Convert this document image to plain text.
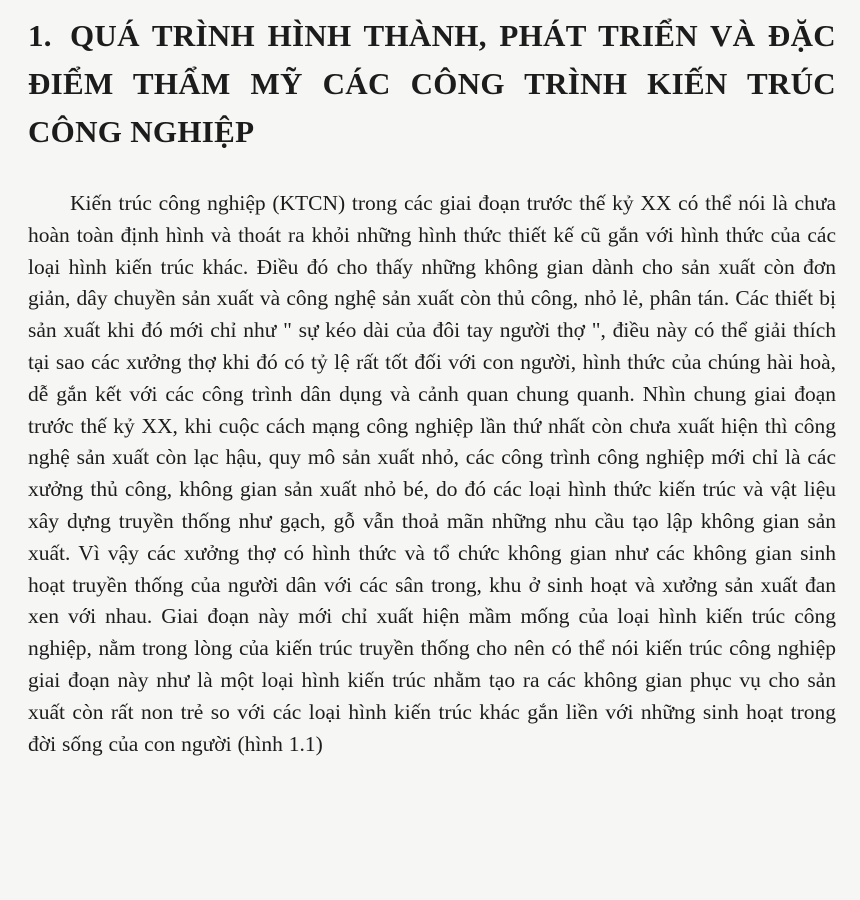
1. QUÁ TRÌNH HÌNH THÀNH, PHÁT TRIỂN VÀ ĐẶC ĐIỂM THẨM MỸ CÁC CÔNG TRÌNH KIẾN TRÚC CÔNG NGHIỆP

Kiến trúc công nghiệp (KTCN) trong các giai đoạn trước thế kỷ XX có thể nói là chưa hoàn toàn định hình và thoát ra khỏi những hình thức thiết kế cũ gắn với hình thức của các loại hình kiến trúc khác. Điều đó cho thấy những không gian dành cho sản xuất còn đơn giản, dây chuyền sản xuất và công nghệ sản xuất còn thủ công, nhỏ lẻ, phân tán. Các thiết bị sản xuất khi đó mới chỉ như " sự kéo dài của đôi tay người thợ ", điều này có thể giải thích tại sao các xưởng thợ khi đó có tỷ lệ rất tốt đối với con người, hình thức của chúng hài hoà, dễ gắn kết với các công trình dân dụng và cảnh quan chung quanh. Nhìn chung giai đoạn trước thế kỷ XX, khi cuộc cách mạng công nghiệp lần thứ nhất còn chưa xuất hiện thì công nghệ sản xuất còn lạc hậu, quy mô sản xuất nhỏ, các công trình công nghiệp mới chỉ là các xưởng thủ công, không gian sản xuất nhỏ bé, do đó các loại hình thức kiến trúc và vật liệu xây dựng truyền thống như gạch, gỗ vẫn thoả mãn những nhu cầu tạo lập không gian sản xuất. Vì vậy các xưởng thợ có hình thức và tổ chức không gian như các không gian sinh hoạt truyền thống của người dân với các sân trong, khu ở sinh hoạt và xưởng sản xuất đan xen với nhau. Giai đoạn này mới chỉ xuất hiện mầm mống của loại hình kiến trúc công nghiệp, nằm trong lòng của kiến trúc truyền thống cho nên có thể nói kiến trúc công nghiệp giai đoạn này như là một loại hình kiến trúc nhằm tạo ra các không gian phục vụ cho sản xuất còn rất non trẻ so với các loại hình kiến trúc khác gắn liền với những sinh hoạt trong đời sống của con người (hình 1.1)
